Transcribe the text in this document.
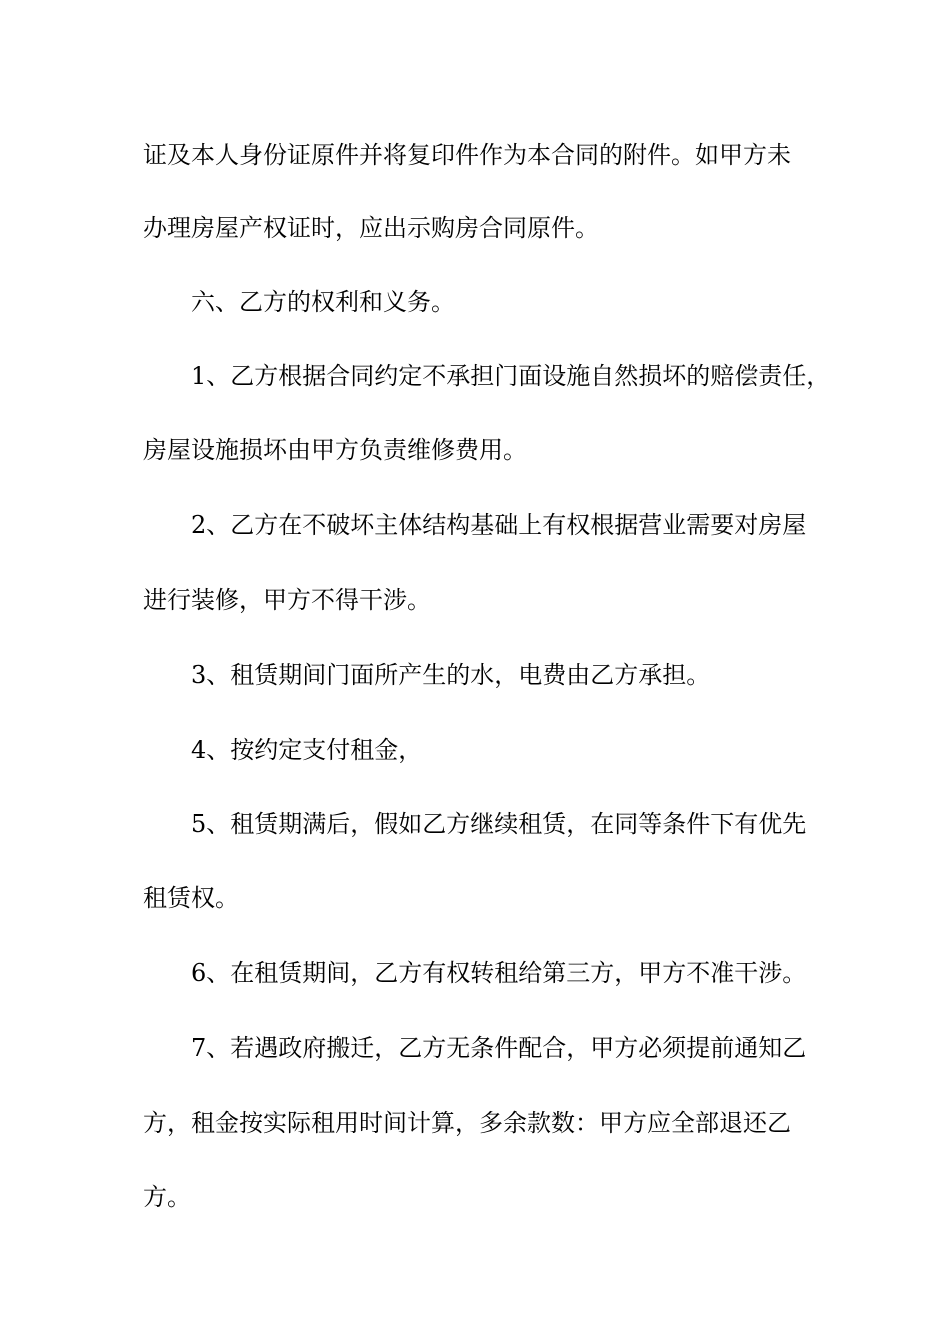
证及本人身份证原件并将复印件作为本合同的附件。如甲方未
办理房屋产权证时，应出示购房合同原件。
六、乙方的权利和义务。
1、乙方根据合同约定不承担门面设施自然损坏的赔偿责任，
房屋设施损坏由甲方负责维修费用。
2、乙方在不破坏主体结构基础上有权根据营业需要对房屋
进行装修，甲方不得干涉。
3、租赁期间门面所产生的水，电费由乙方承担。
4、按约定支付租金，
5、租赁期满后，假如乙方继续租赁，在同等条件下有优先
租赁权。
6、在租赁期间，乙方有权转租给第三方，甲方不准干涉。
7、若遇政府搬迁，乙方无条件配合，甲方必须提前通知乙
方，租金按实际租用时间计算，多余款数：甲方应全部退还乙
方。
